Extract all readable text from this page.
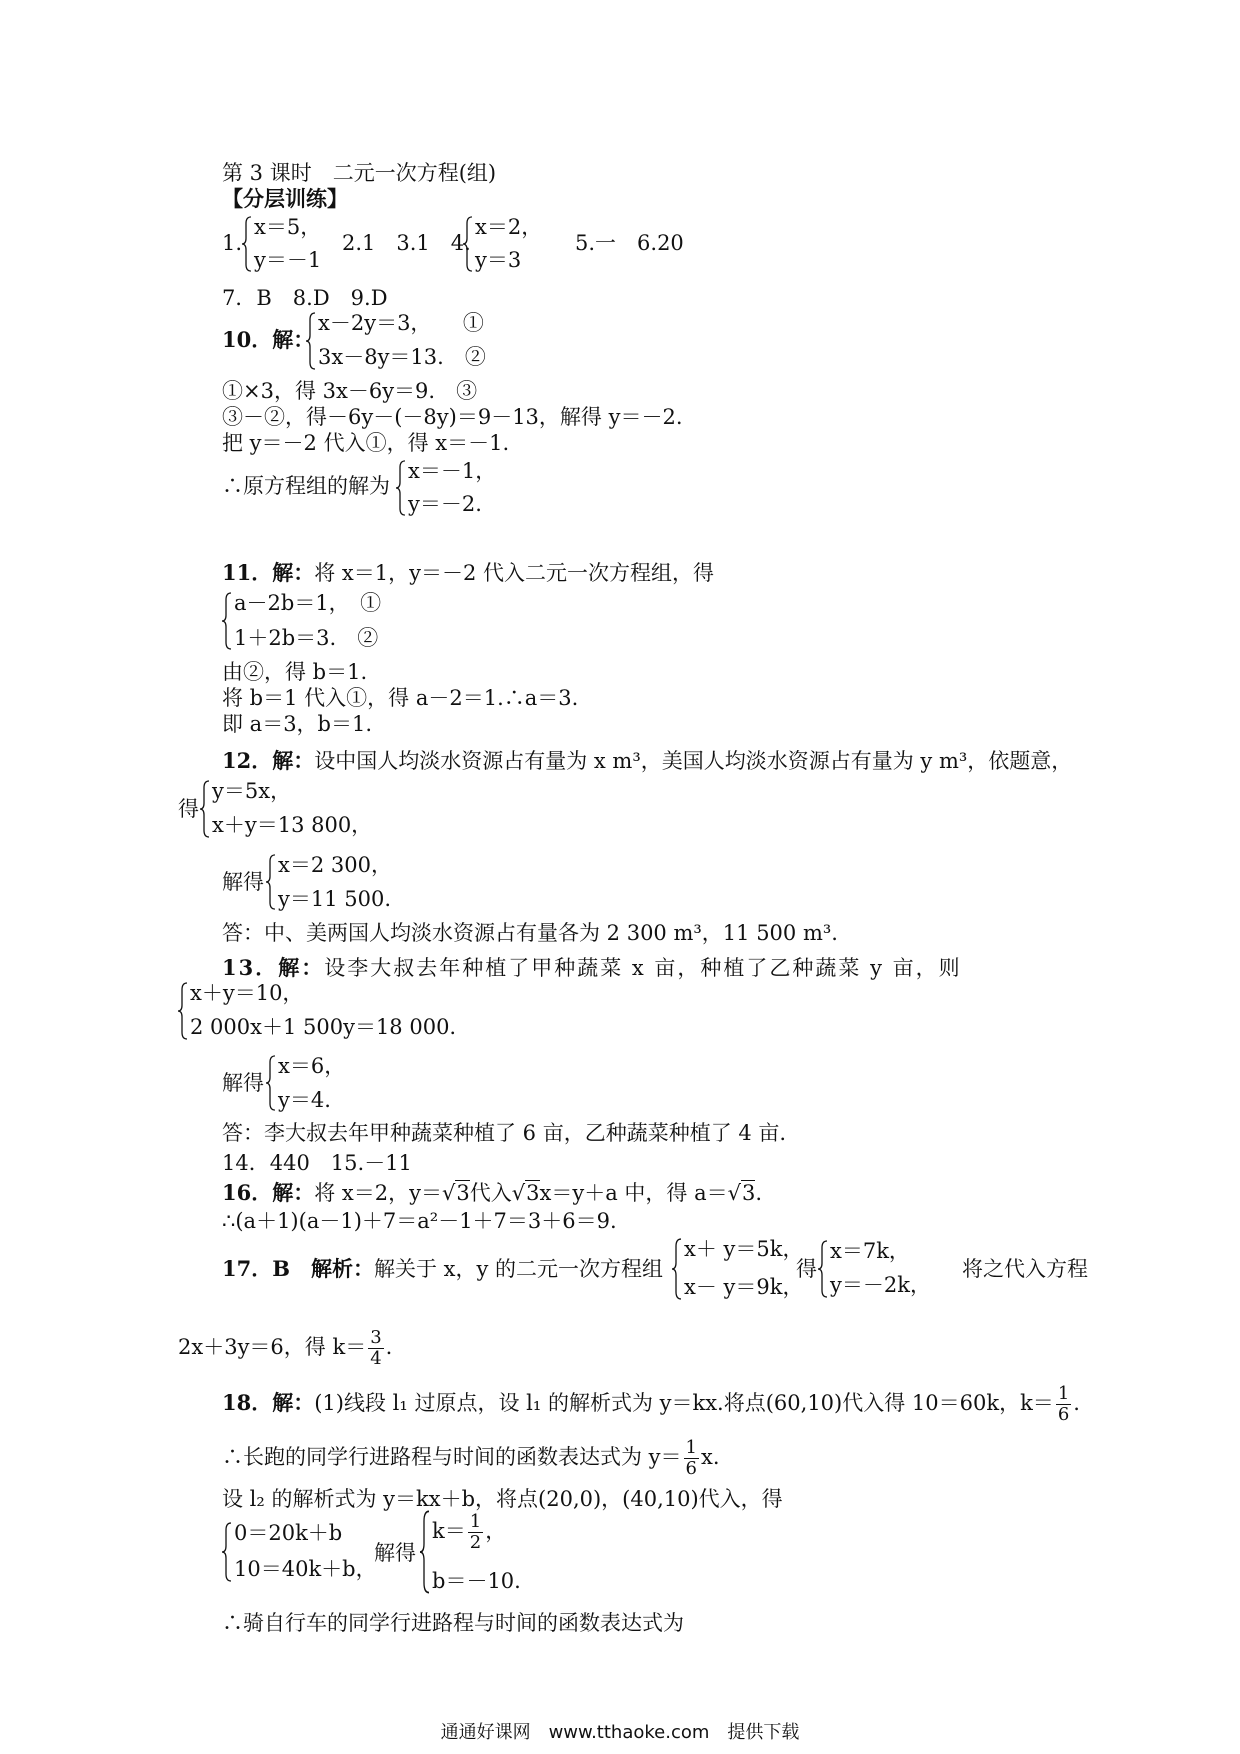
第 3 课时　二元一次方程(组)
【分层训练】
1.
x＝5，
y＝－1
2.1　3.1　4.
x＝2，
y＝3
5.一　6.20
7．B　8.D　9.D
10．解：
x－2y＝3，　　①
3x－8y＝13.　②
①×3，得 3x－6y＝9.　③
③－②，得－6y－(－8y)＝9－13，解得 y＝－2.
把 y＝－2 代入①，得 x＝－1.
∴原方程组的解为
x＝－1，
y＝－2.
11．解：将 x＝1，y＝－2 代入二元一次方程组，得
a－2b＝1，　①
1＋2b＝3.　②
由②，得 b＝1.
将 b＝1 代入①，得 a－2＝1.∴a＝3.
即 a＝3，b＝1.
12．解：设中国人均淡水资源占有量为 x m³，美国人均淡水资源占有量为 y m³，依题意，
得
y＝5x，
x＋y＝13 800，
解得
x＝2 300，
y＝11 500.
答：中、美两国人均淡水资源占有量各为 2 300 m³，11 500 m³.
13．解：设李大叔去年种植了甲种蔬菜 x 亩，种植了乙种蔬菜 y 亩，则
x＋y＝10，
2 000x＋1 500y＝18 000.
解得
x＝6，
y＝4.
答：李大叔去年甲种蔬菜种植了 6 亩，乙种蔬菜种植了 4 亩.
14．440　15.－11
16．解：将 x＝2，y＝√3代入√3x＝y＋a 中，得 a＝√3.
∴(a＋1)(a－1)＋7＝a²－1＋7＝3＋6＝9.
17．B　解析：解关于 x，y 的二元一次方程组
x＋ y＝5k，
x－ y＝9k，
得
x＝7k，
y＝－2k，
将之代入方程
2x＋3y＝6，得 $k= \frac{3}{4}$ .
18．解：(1)线段 l₁ 过原点，设 l₁ 的解析式为 y＝kx.将点(60,10)代入得 10＝60k，$k= \frac{1}{6}$ .
∴长跑的同学行进路程与时间的函数表达式为 $y= \frac{1}{6} x$.
设 l₂ 的解析式为 y＝kx＋b，将点(20,0)，(40,10)代入，得
0＝20k＋b
10＝40k＋b，
解得
$k= \frac{1}{2}$ ，
b＝－10.
∴骑自行车的同学行进路程与时间的函数表达式为
通通好课网　www.tthaoke.com　提供下载
